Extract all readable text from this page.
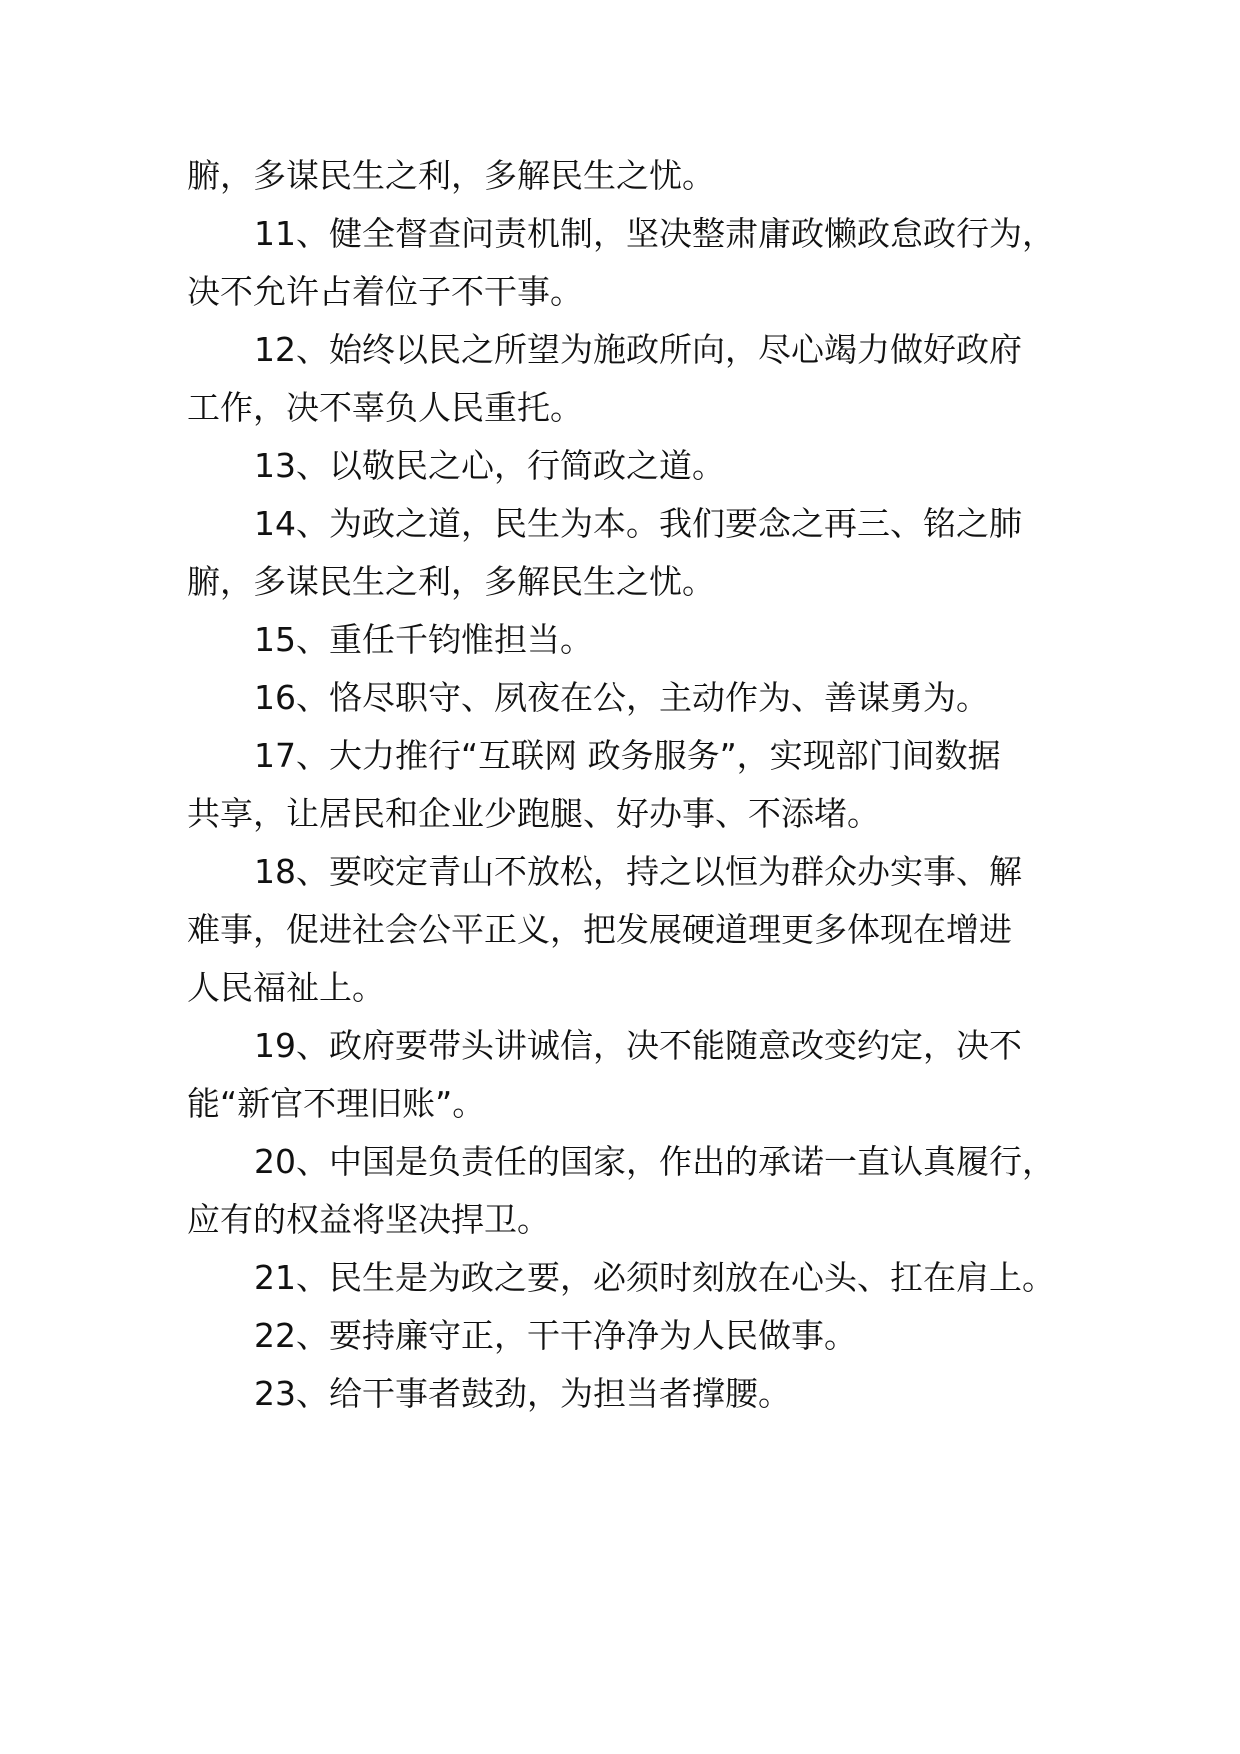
腑，多谋民生之利，多解民生之忧。
11、健全督查问责机制，坚决整肃庸政懒政怠政行为，
决不允许占着位子不干事。
12、始终以民之所望为施政所向，尽心竭力做好政府
工作，决不辜负人民重托。
13、以敬民之心，行简政之道。
14、为政之道，民生为本。我们要念之再三、铭之肺
腑，多谋民生之利，多解民生之忧。
15、重任千钧惟担当。
16、恪尽职守、夙夜在公，主动作为、善谋勇为。
17、大力推行“互联网 政务服务”，实现部门间数据
共享，让居民和企业少跑腿、好办事、不添堵。
18、要咬定青山不放松，持之以恒为群众办实事、解
难事，促进社会公平正义，把发展硬道理更多体现在增进
人民福祉上。
19、政府要带头讲诚信，决不能随意改变约定，决不
能“新官不理旧账”。
20、中国是负责任的国家，作出的承诺一直认真履行，
应有的权益将坚决捍卫。
21、民生是为政之要，必须时刻放在心头、扛在肩上。
22、要持廉守正，干干净净为人民做事。
23、给干事者鼓劲，为担当者撑腰。
